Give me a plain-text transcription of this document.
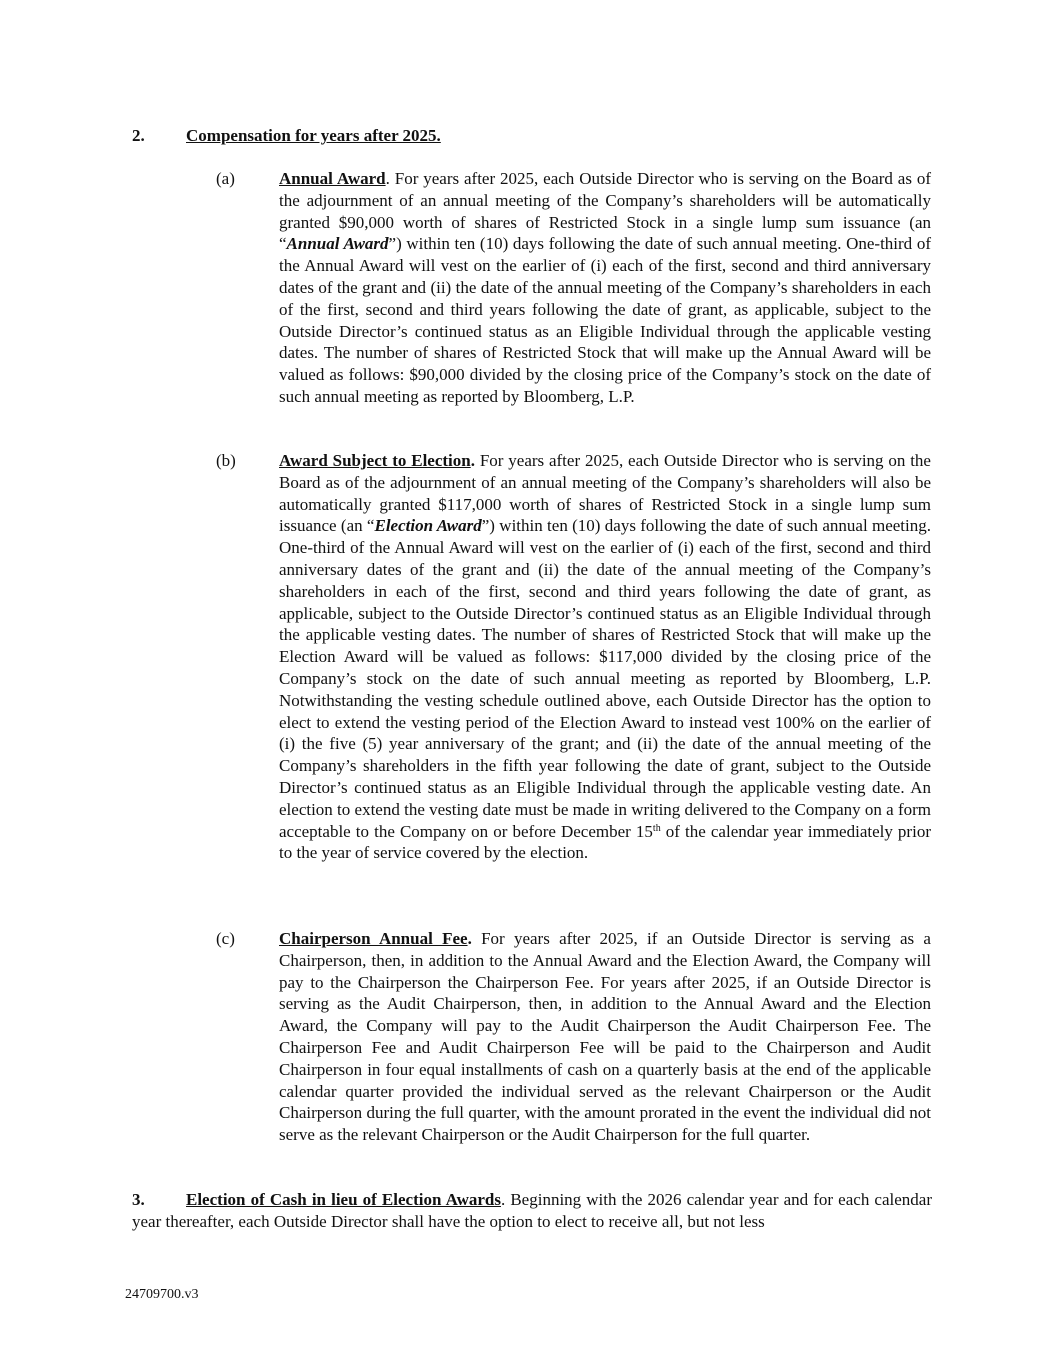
2. Compensation for years after 2025.
(a)	Annual Award. For years after 2025, each Outside Director who is serving on the Board as of the adjournment of an annual meeting of the Company’s shareholders will be automatically granted $90,000 worth of shares of Restricted Stock in a single lump sum issuance (an “Annual Award”) within ten (10) days following the date of such annual meeting. One-third of the Annual Award will vest on the earlier of (i) each of the first, second and third anniversary dates of the grant and (ii) the date of the annual meeting of the Company’s shareholders in each of the first, second and third years following the date of grant, as applicable, subject to the Outside Director’s continued status as an Eligible Individual through the applicable vesting dates. The number of shares of Restricted Stock that will make up the Annual Award will be valued as follows: $90,000 divided by the closing price of the Company’s stock on the date of such annual meeting as reported by Bloomberg, L.P.
(b)	Award Subject to Election. For years after 2025, each Outside Director who is serving on the Board as of the adjournment of an annual meeting of the Company’s shareholders will also be automatically granted $117,000 worth of shares of Restricted Stock in a single lump sum issuance (an “Election Award”) within ten (10) days following the date of such annual meeting. One-third of the Annual Award will vest on the earlier of (i) each of the first, second and third anniversary dates of the grant and (ii) the date of the annual meeting of the Company’s shareholders in each of the first, second and third years following the date of grant, as applicable, subject to the Outside Director’s continued status as an Eligible Individual through the applicable vesting dates. The number of shares of Restricted Stock that will make up the Election Award will be valued as follows: $117,000 divided by the closing price of the Company’s stock on the date of such annual meeting as reported by Bloomberg, L.P. Notwithstanding the vesting schedule outlined above, each Outside Director has the option to elect to extend the vesting period of the Election Award to instead vest 100% on the earlier of (i) the five (5) year anniversary of the grant; and (ii) the date of the annual meeting of the Company’s shareholders in the fifth year following the date of grant, subject to the Outside Director’s continued status as an Eligible Individual through the applicable vesting date. An election to extend the vesting date must be made in writing delivered to the Company on a form acceptable to the Company on or before December 15th of the calendar year immediately prior to the year of service covered by the election.
(c)	Chairperson Annual Fee. For years after 2025, if an Outside Director is serving as a Chairperson, then, in addition to the Annual Award and the Election Award, the Company will pay to the Chairperson the Chairperson Fee. For years after 2025, if an Outside Director is serving as the Audit Chairperson, then, in addition to the Annual Award and the Election Award, the Company will pay to the Audit Chairperson the Audit Chairperson Fee. The Chairperson Fee and Audit Chairperson Fee will be paid to the Chairperson and Audit Chairperson in four equal installments of cash on a quarterly basis at the end of the applicable calendar quarter provided the individual served as the relevant Chairperson or the Audit Chairperson during the full quarter, with the amount prorated in the event the individual did not serve as the relevant Chairperson or the Audit Chairperson for the full quarter.
3. Election of Cash in lieu of Election Awards. Beginning with the 2026 calendar year and for each calendar year thereafter, each Outside Director shall have the option to elect to receive all, but not less
24709700.v3
